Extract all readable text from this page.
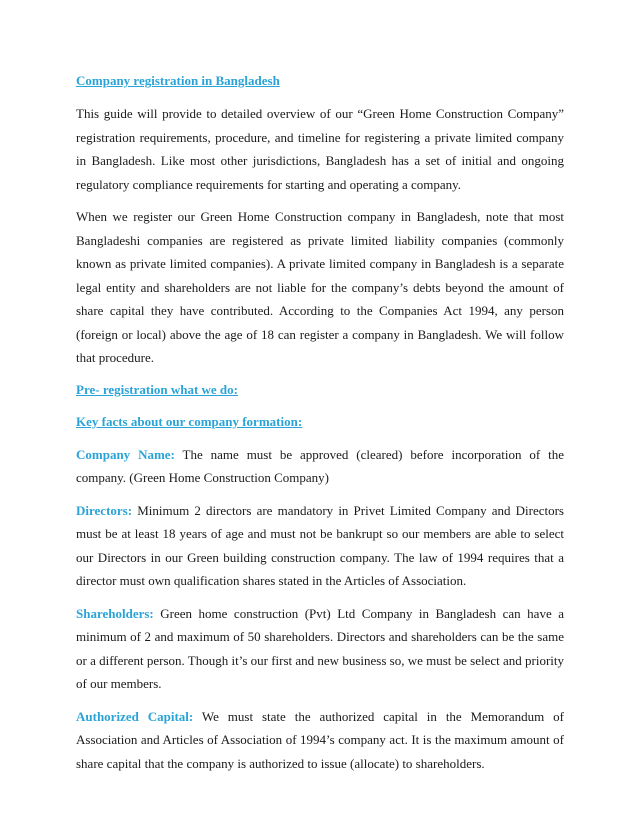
Company registration in Bangladesh

This guide will provide to detailed overview of our “Green Home Construction Company” registration requirements, procedure, and timeline for registering a private limited company in Bangladesh. Like most other jurisdictions, Bangladesh has a set of initial and ongoing regulatory compliance requirements for starting and operating a company.

When we register our Green Home Construction company in Bangladesh, note that most Bangladeshi companies are registered as private limited liability companies (commonly known as private limited companies). A private limited company in Bangladesh is a separate legal entity and shareholders are not liable for the company’s debts beyond the amount of share capital they have contributed. According to the Companies Act 1994, any person (foreign or local) above the age of 18 can register a company in Bangladesh. We will follow that procedure.

Pre- registration what we do:
Key facts about our company formation:

Company Name: The name must be approved (cleared) before incorporation of the company. (Green Home Construction Company)

Directors: Minimum 2 directors are mandatory in Privet Limited Company and Directors must be at least 18 years of age and must not be bankrupt so our members are able to select our Directors in our Green building construction company. The law of 1994 requires that a director must own qualification shares stated in the Articles of Association.

Shareholders: Green home construction (Pvt) Ltd Company in Bangladesh can have a minimum of 2 and maximum of 50 shareholders. Directors and shareholders can be the same or a different person. Though it’s our first and new business so, we must be select and priority of our members.

Authorized Capital: We must state the authorized capital in the Memorandum of Association and Articles of Association of 1994’s company act. It is the maximum amount of share capital that the company is authorized to issue (allocate) to shareholders.
